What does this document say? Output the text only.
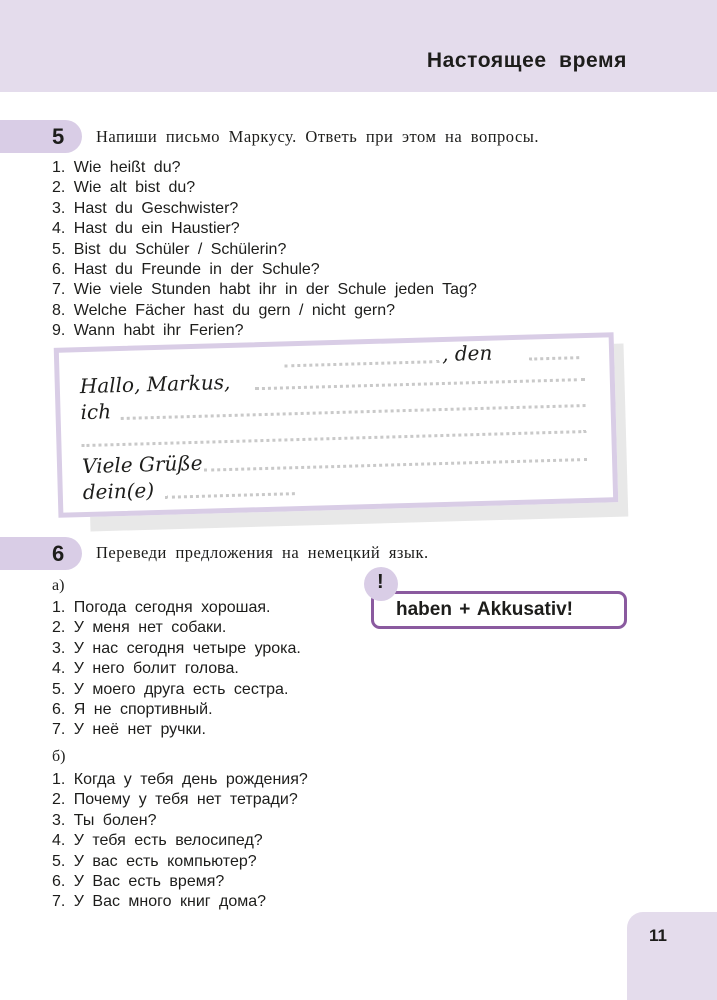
Настоящее время
5 Напиши письмо Маркусу. Ответь при этом на вопросы.
1. Wie heißt du?
2. Wie alt bist du?
3. Hast du Geschwister?
4. Hast du ein Haustier?
5. Bist du Schüler / Schülerin?
6. Hast du Freunde in der Schule?
7. Wie viele Stunden habt ihr in der Schule jeden Tag?
8. Welche Fächer hast du gern / nicht gern?
9. Wann habt ihr Ferien?
, den
Hallo, Markus,
ich
Viele Grüße
dein(e)
6 Переведи предложения на немецкий язык.
а)
1. Погода сегодня хорошая.
2. У меня нет собаки.
3. У нас сегодня четыре урока.
4. У него болит голова.
5. У моего друга есть сестра.
6. Я не спортивный.
7. У неё нет ручки.
б)
1. Когда у тебя день рождения?
2. Почему у тебя нет тетради?
3. Ты болен?
4. У тебя есть велосипед?
5. У вас есть компьютер?
6. У Вас есть время?
7. У Вас много книг дома?
haben + Akkusativ!
!
11
